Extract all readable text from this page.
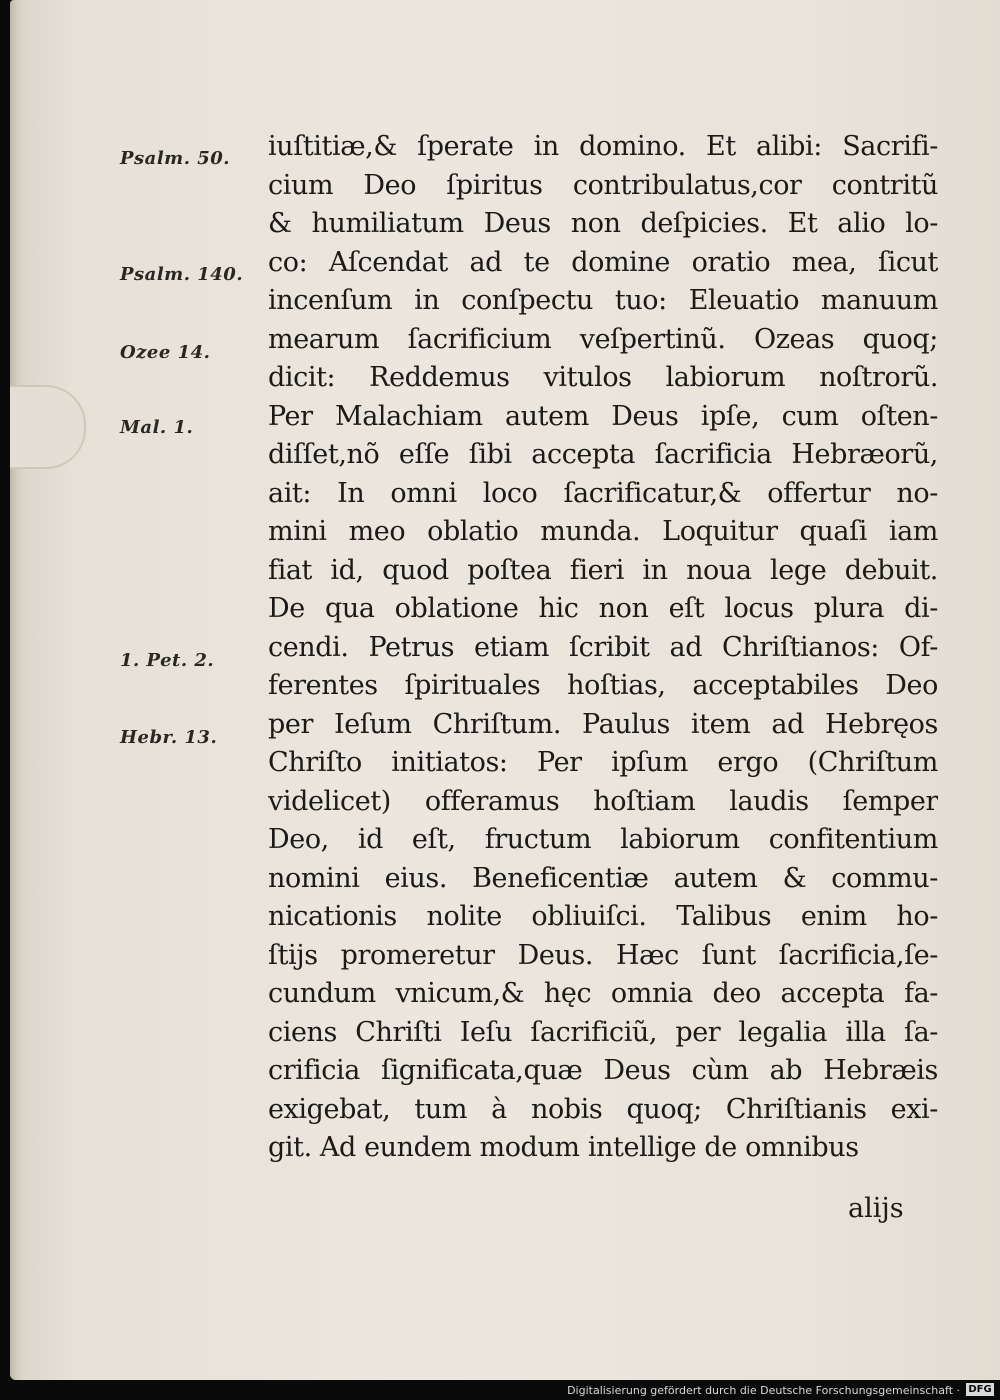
Psalm. 50.
Psalm. 140.
Ozee 14.
Mal. 1.
1. Pet. 2.
Hebr. 13.
iuſtitiæ,& ſperate in domino. Et alibi: Sacrifi-
cium Deo ſpiritus contribulatus,cor contritũ
& humiliatum Deus non deſpicies. Et alio lo-
co: Aſcendat ad te domine oratio mea, ſicut
incenſum in conſpectu tuo: Eleuatio manuum
mearum ſacrificium veſpertinũ. Ozeas quoq;
dicit: Reddemus vitulos labiorum noſtrorũ.
Per Malachiam autem Deus ipſe, cum oſten-
diſſet,nõ eſſe ſibi accepta ſacrificia Hebræorũ,
ait: In omni loco ſacrificatur,& offertur no-
mini meo oblatio munda. Loquitur quaſi iam
fiat id, quod poſtea fieri in noua lege debuit.
De qua oblatione hic non eſt locus plura di-
cendi. Petrus etiam ſcribit ad Chriſtianos: Of-
ferentes ſpirituales hoſtias, acceptabiles Deo
per Ieſum Chriſtum. Paulus item ad Hebręos
Chriſto initiatos: Per ipſum ergo (Chriſtum
videlicet) offeramus hoſtiam laudis ſemper
Deo, id eſt, fructum labiorum confitentium
nomini eius. Beneficentiæ autem & commu-
nicationis nolite obliuiſci. Talibus enim ho-
ſtijs promeretur Deus. Hæc ſunt ſacrificia,ſe-
cundum vnicum,& hęc omnia deo accepta fa-
ciens Chriſti Ieſu ſacrificiũ, per legalia illa ſa-
crificia ſignificata,quæ Deus cùm ab Hebræis
exigebat, tum à nobis quoq; Chriſtianis exi-
git. Ad eundem modum intellige de omnibus
alijs
Digitalisierung gefördert durch die Deutsche Forschungsgemeinschaft · DFG
